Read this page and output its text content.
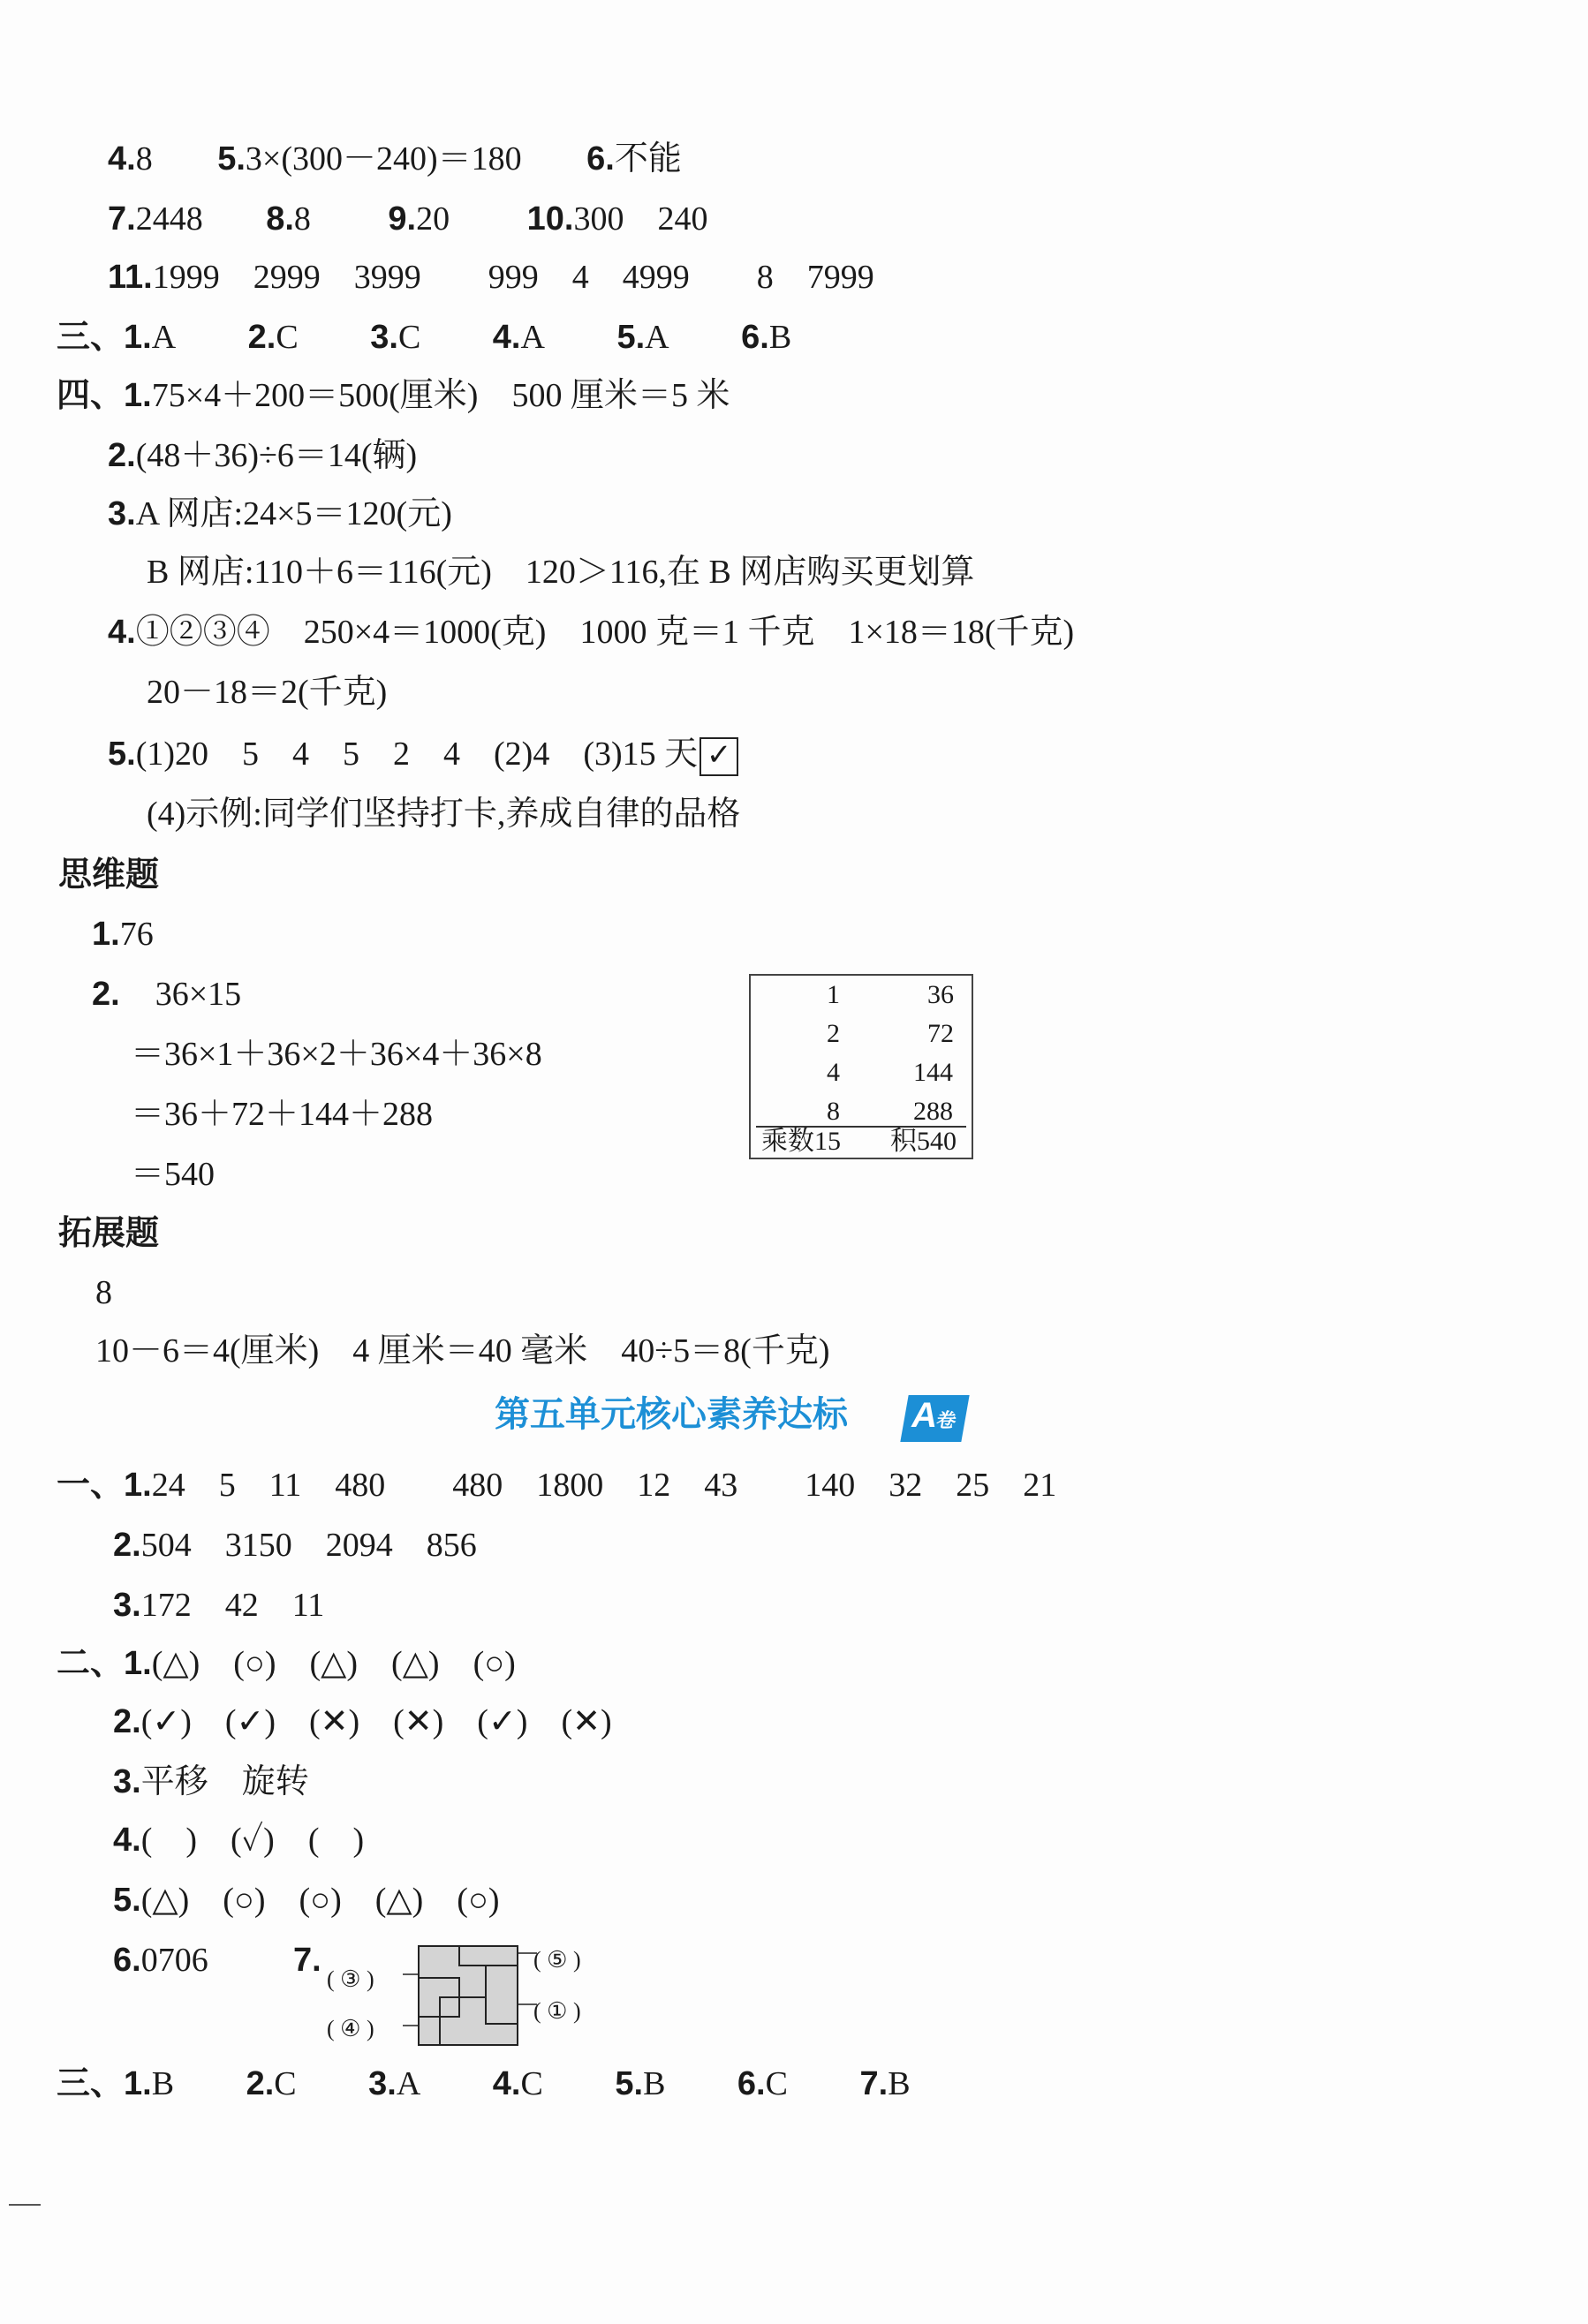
4.8 5.3×(300－240)＝180 6.不能
7.2448 8.8 9.20 10.300　240
11.1999　2999　3999　　999　4　4999　　8　7999
三、1.A 2.C 3.C 4.A 5.A 6.B
四、1.75×4＋200＝500(厘米)　500 厘米＝5 米
2.(48＋36)÷6＝14(辆)
3.A 网店:24×5＝120(元)
B 网店:110＋6＝116(元)　120＞116,在 B 网店购买更划算
4.①②③④　250×4＝1000(克)　1000 克＝1 千克　1×18＝18(千克)
20－18＝2(千克)
5.(1)20　5　4　5　2　4　(2)4　(3)15 天 ✓
(4)示例:同学们坚持打卡,养成自律的品格
思维题
1.76
2. 36×15
＝36×1＋36×2＋36×4＋36×8
＝36＋72＋144＋288
＝540
1	36
2	72
4	144
8	288
乘数15 积540
拓展题
8
10－6＝4(厘米)　4 厘米＝40 毫米　40÷5＝8(千克)
第五单元核心素养达标 A卷
一、1.24　5　11　480　　480　1800　12　43　　140　32　25　21
2.504　3150　2094　856
3.172　42　11
二、1.(△)　(○)　(△)　(△)　(○)
2.(✓)　(✓)　(✕)　(✕)　(✓)　(✕)
3.平移　旋转
4.(　)　(✓)　(　)
5.(△)　(○)　(○)　(△)　(○)
6.0706	7.
( ③ )
( ④ )
( ⑤ )
( ① )
三、1.B 2.C 3.A 4.C 5.B 6.C 7.B
